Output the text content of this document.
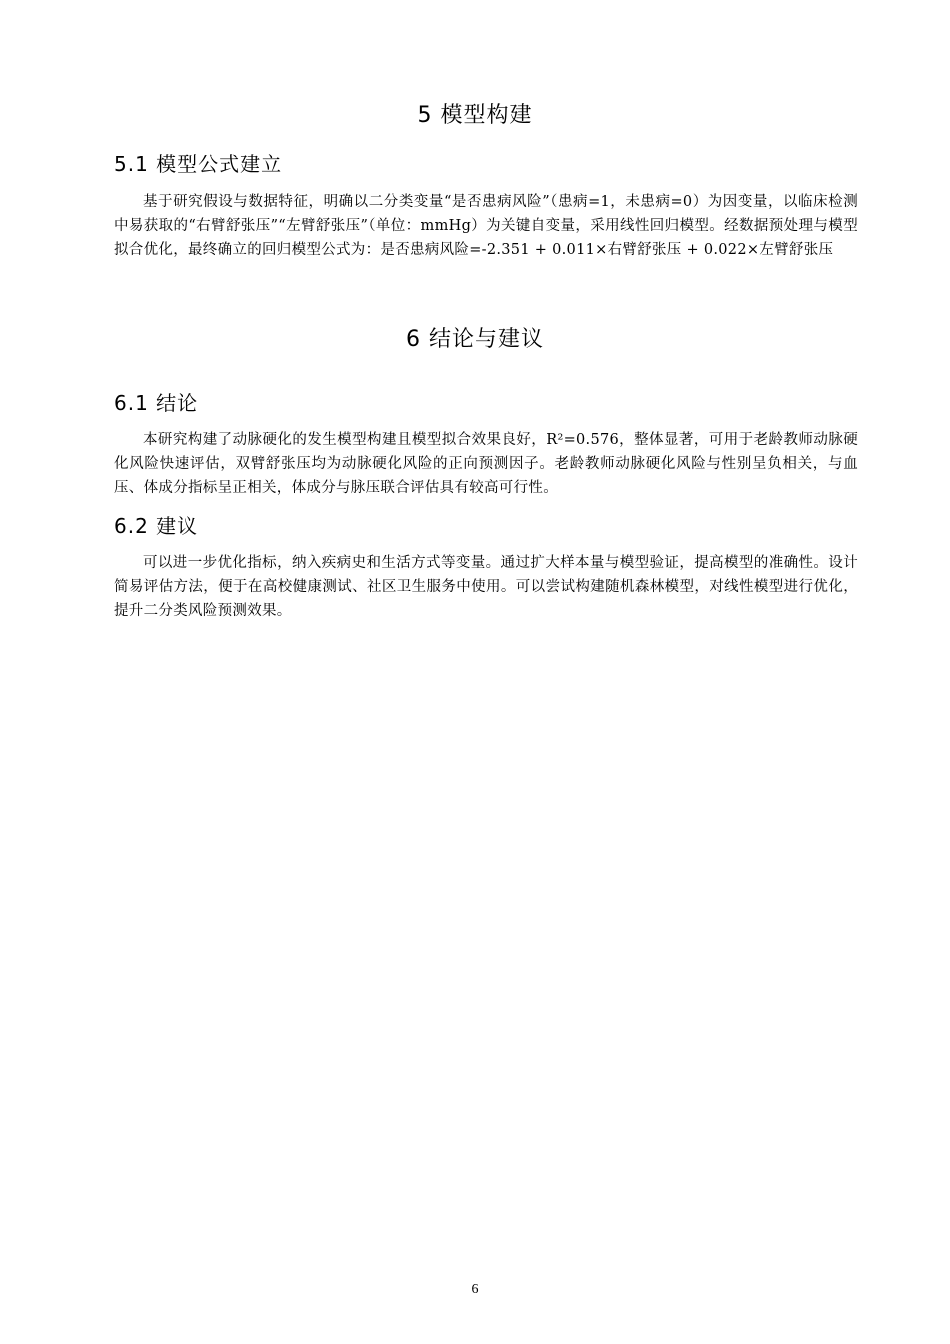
5 模型构建
5.1 模型公式建立

基于研究假设与数据特征，明确以二分类变量“是否患病风险”（患病=1，未患病=0）为因变量，以临床检测中易获取的“右臂舒张压”“左臂舒张压”（单位：mmHg）为关键自变量，采用线性回归模型。经数据预处理与模型拟合优化，最终确立的回归模型公式为：是否患病风险=-2.351 + 0.011×右臂舒张压 + 0.022×左臂舒张压

6 结论与建议
6.1 结论

本研究构建了动脉硬化的发生模型构建且模型拟合效果良好，R²=0.576，整体显著，可用于老龄教师动脉硬化风险快速评估，双臂舒张压均为动脉硬化风险的正向预测因子。老龄教师动脉硬化风险与性别呈负相关，与血压、体成分指标呈正相关，体成分与脉压联合评估具有较高可行性。

6.2 建议

可以进一步优化指标，纳入疾病史和生活方式等变量。通过扩大样本量与模型验证，提高模型的准确性。设计简易评估方法，便于在高校健康测试、社区卫生服务中使用。可以尝试构建随机森林模型，对线性模型进行优化，提升二分类风险预测效果。

6
